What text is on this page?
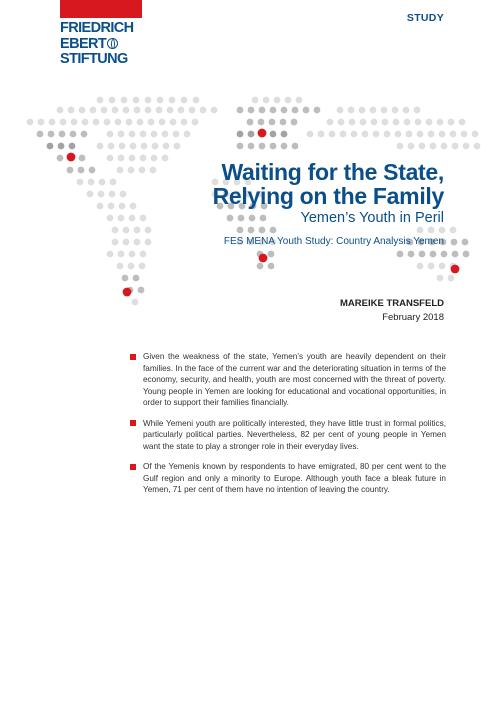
FRIEDRICH
EBERT
STIFTUNG
STUDY
Waiting for the State,
Relying on the Family
Yemen’s Youth in Peril
FES MENA Youth Study: Country Analysis Yemen
MAREIKE TRANSFELD
February 2018
Given the weakness of the state, Yemen’s youth are heavily dependent on their families. In the face of the current war and the deteriorating situation in terms of the economy, security, and health, youth are most concerned with the threat of poverty. Young people in Yemen are looking for educational and vocational opportunities, in order to support their families financially.
While Yemeni youth are politically interested, they have little trust in formal politics, particularly political parties. Nevertheless, 82 per cent of young people in Yemen want the state to play a stronger role in their everyday lives.
Of the Yemenis known by respondents to have emigrated, 80 per cent went to the Gulf region and only a minority to Europe. Although youth face a bleak future in Yemen, 71 per cent of them have no intention of leaving the country.
